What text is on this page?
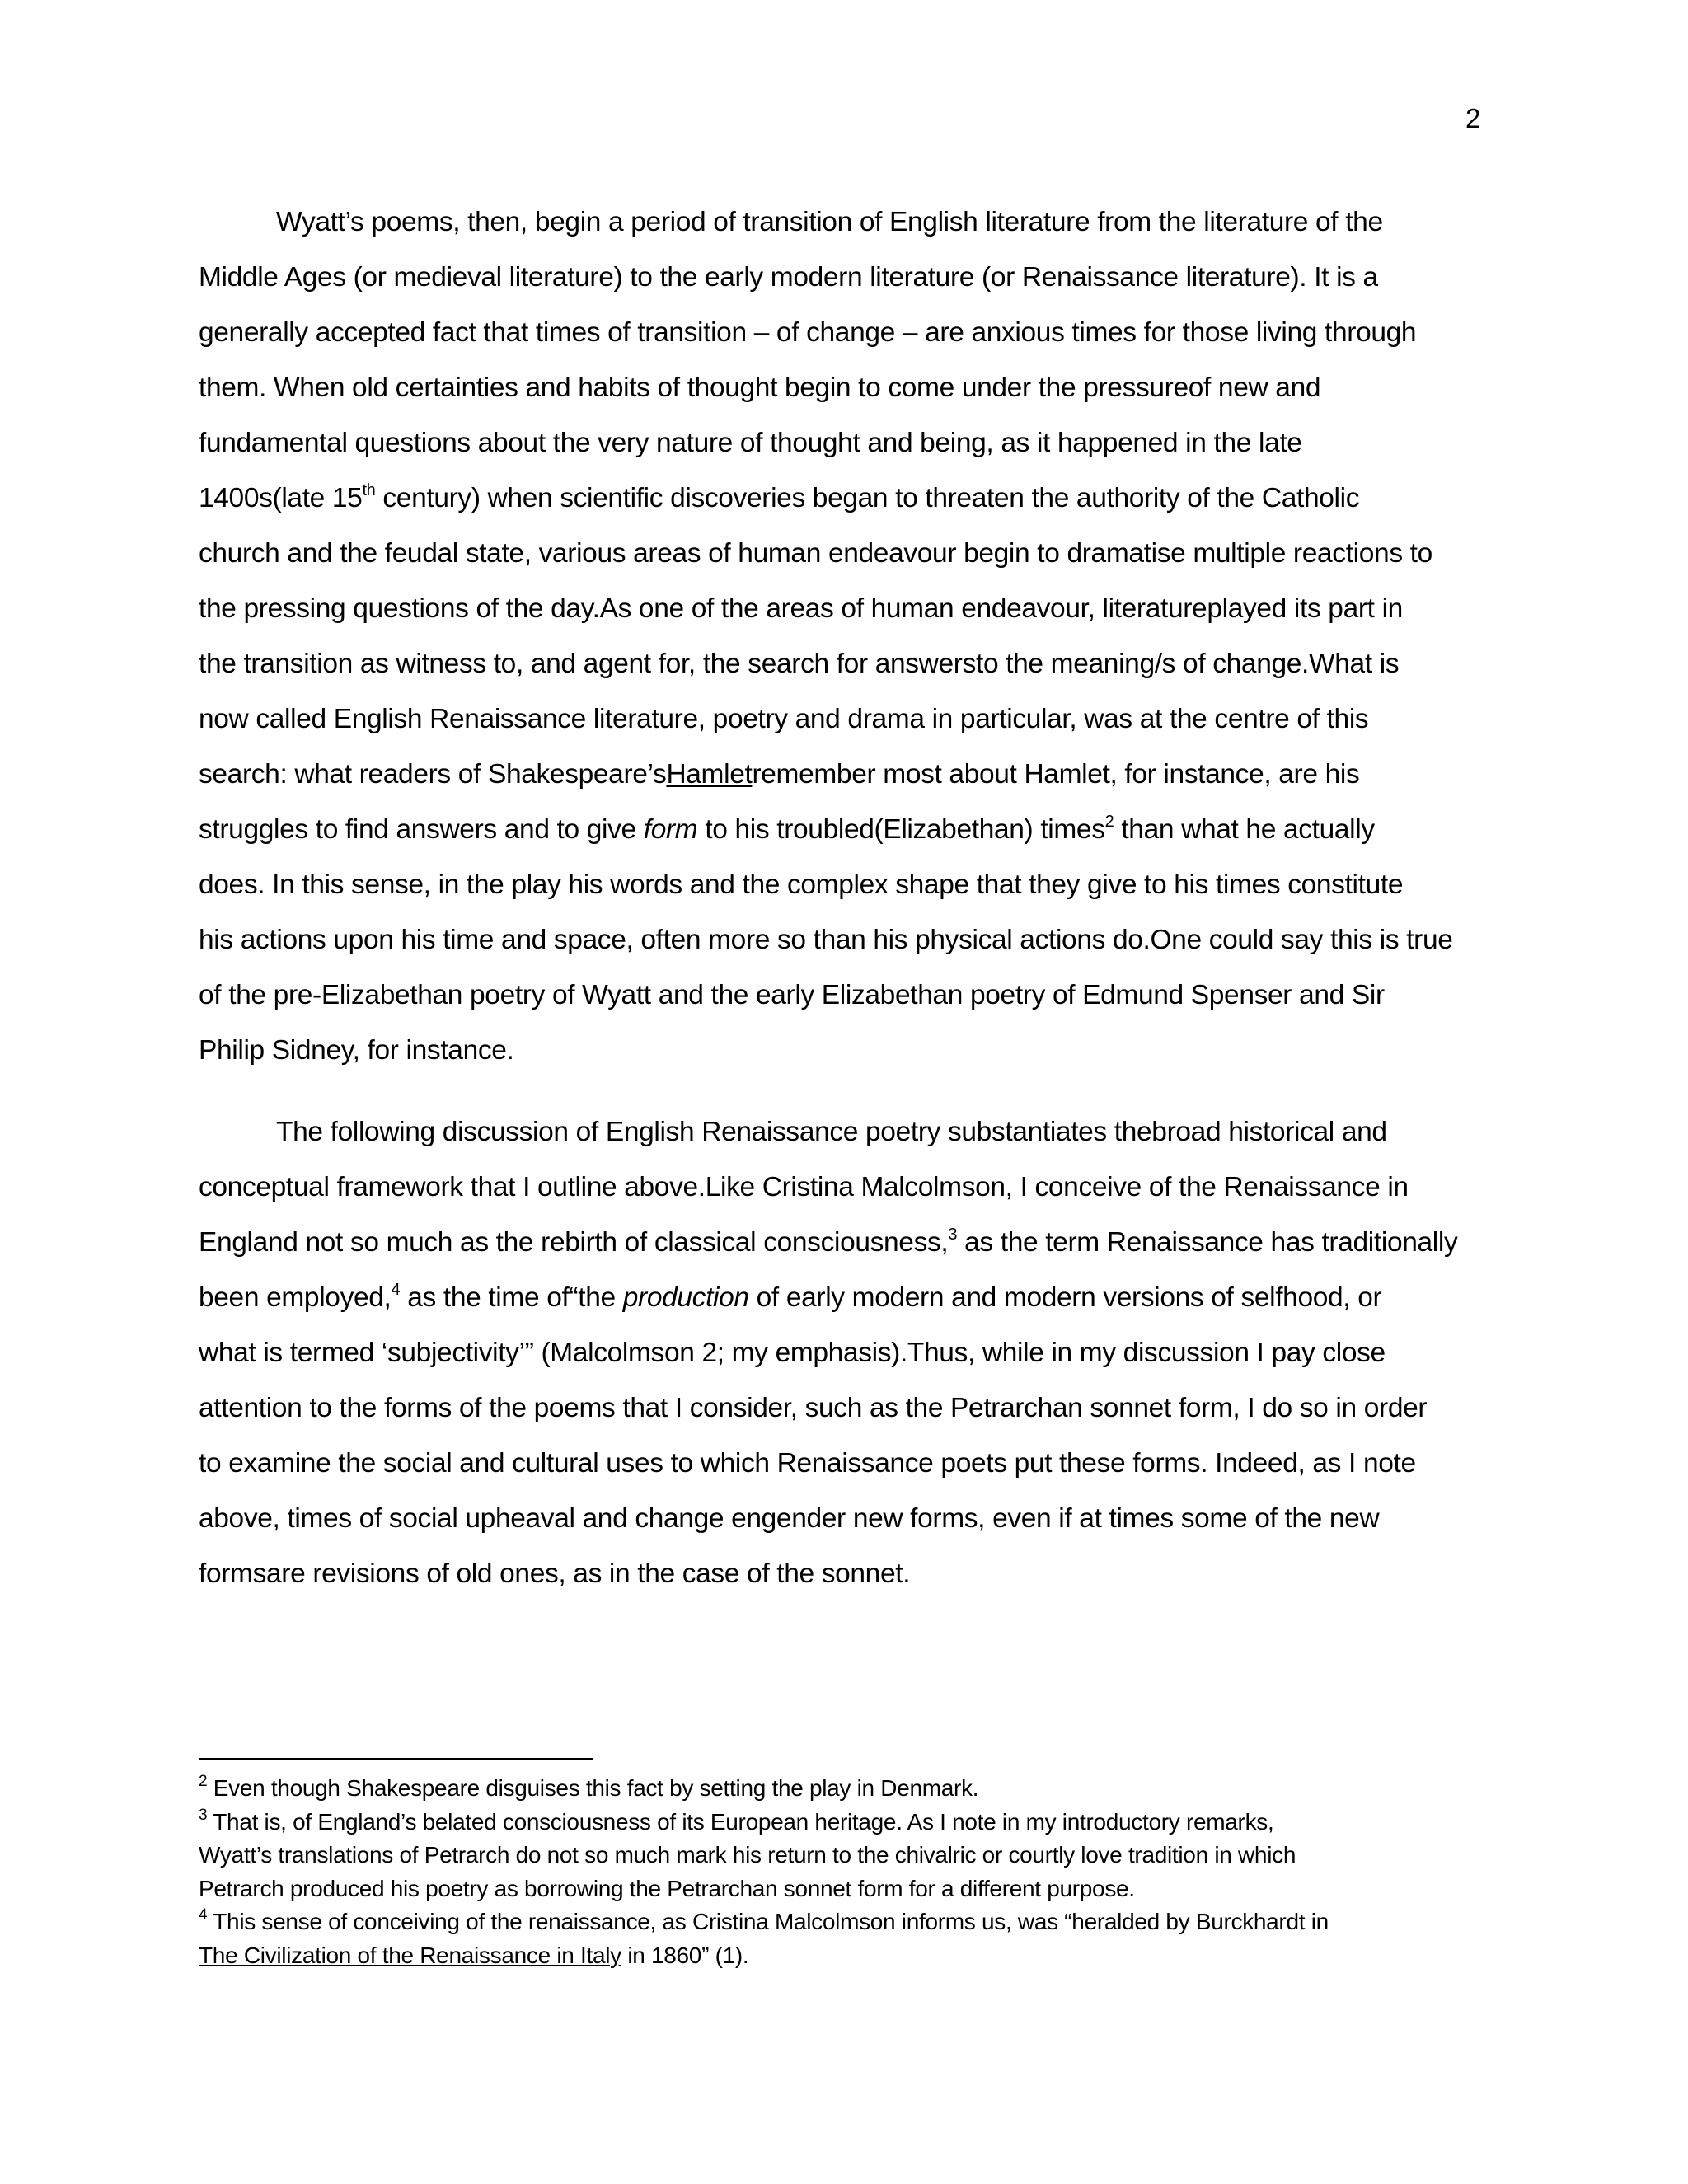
2
Wyatt’s poems, then, begin a period of transition of English literature from the literature of the
Middle Ages (or medieval literature) to the early modern literature (or Renaissance literature). It is a
generally accepted fact that times of transition – of change – are anxious times for those living through
them. When old certainties and habits of thought begin to come under the pressureof new and
fundamental questions about the very nature of thought and being, as it happened in the late
1400s(late 15th century) when scientific discoveries began to threaten the authority of the Catholic
church and the feudal state, various areas of human endeavour begin to dramatise multiple reactions to
the pressing questions of the day.As one of the areas of human endeavour, literatureplayed its part in
the transition as witness to, and agent for, the search for answersto the meaning/s of change.What is
now called English Renaissance literature, poetry and drama in particular, was at the centre of this
search: what readers of Shakespeare’sHamletremember most about Hamlet, for instance, are his
struggles to find answers and to give form to his troubled(Elizabethan) times$^2$ than what he actually
does. In this sense, in the play his words and the complex shape that they give to his times constitute
his actions upon his time and space, often more so than his physical actions do.One could say this is true
of the pre-Elizabethan poetry of Wyatt and the early Elizabethan poetry of Edmund Spenser and Sir
Philip Sidney, for instance.
The following discussion of English Renaissance poetry substantiates thebroad historical and
conceptual framework that I outline above.Like Cristina Malcolmson, I conceive of the Renaissance in
England not so much as the rebirth of classical consciousness,$^3$ as the term Renaissance has traditionally
been employed,$^4$ as the time of“the production of early modern and modern versions of selfhood, or
what is termed ‘subjectivity’” (Malcolmson 2; my emphasis).Thus, while in my discussion I pay close
attention to the forms of the poems that I consider, such as the Petrarchan sonnet form, I do so in order
to examine the social and cultural uses to which Renaissance poets put these forms. Indeed, as I note
above, times of social upheaval and change engender new forms, even if at times some of the new
formsare revisions of old ones, as in the case of the sonnet.
$^2$ Even though Shakespeare disguises this fact by setting the play in Denmark.
$^3$ That is, of England’s belated consciousness of its European heritage. As I note in my introductory remarks,
Wyatt’s translations of Petrarch do not so much mark his return to the chivalric or courtly love tradition in which
Petrarch produced his poetry as borrowing the Petrarchan sonnet form for a different purpose.
$^4$ This sense of conceiving of the renaissance, as Cristina Malcolmson informs us, was “heralded by Burckhardt in
The Civilization of the Renaissance in Italy in 1860” (1).
